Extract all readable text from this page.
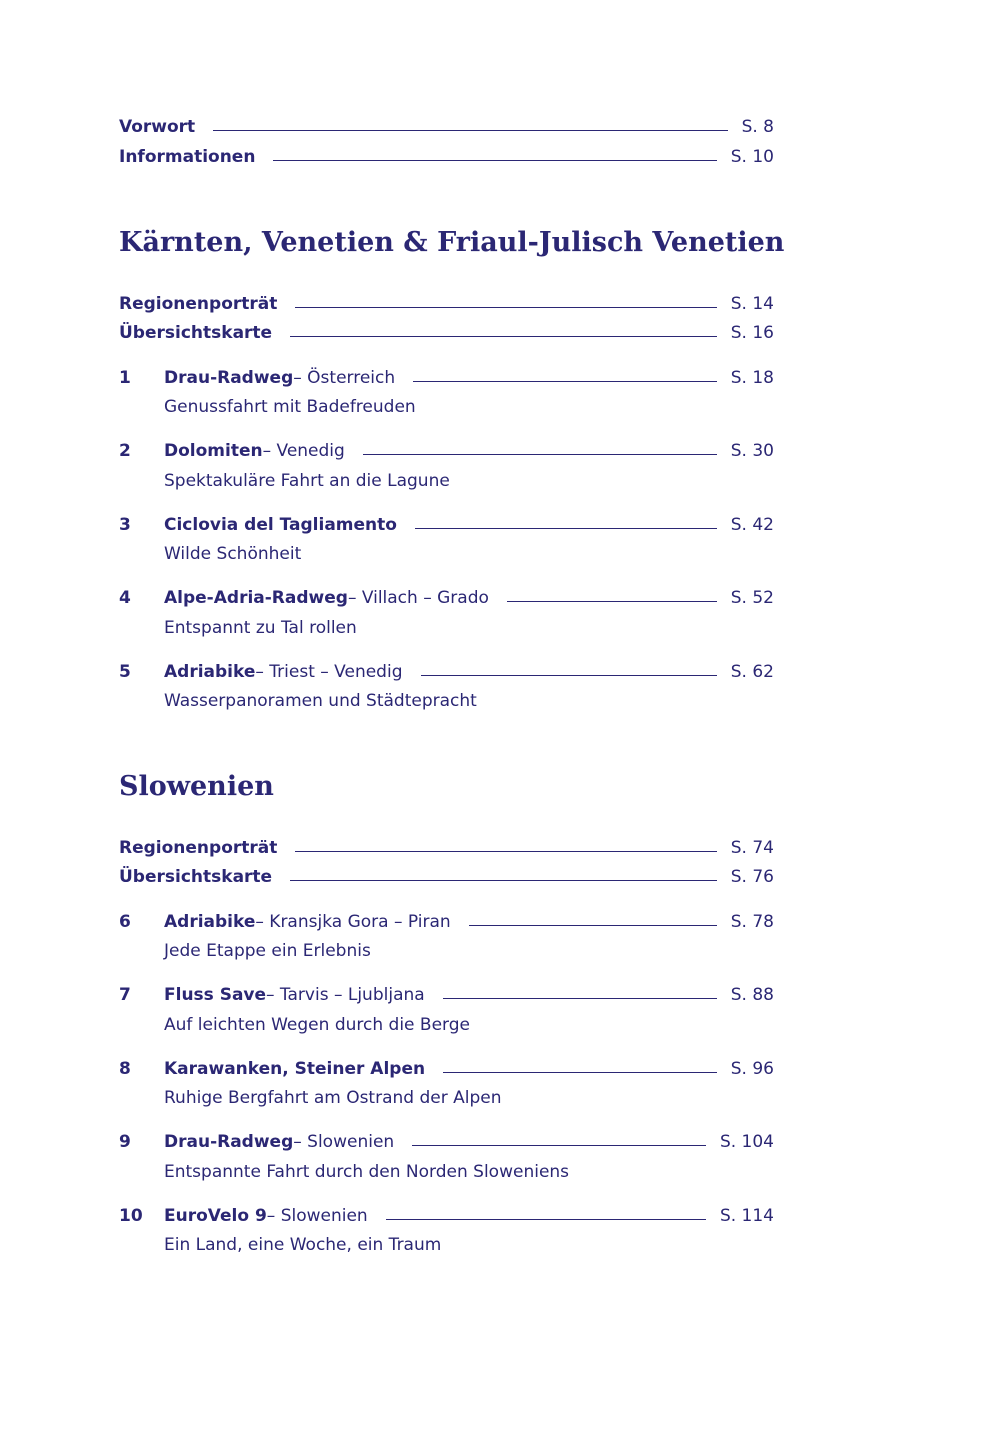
Vorwort	S. 8
Informationen	S. 10
Kärnten, Venetien & Friaul-Julisch Venetien
Regionenporträt	S. 14
Übersichtskarte	S. 16
1 Drau-Radweg – Österreich	S. 18
Genussfahrt mit Badefreuden
2 Dolomiten – Venedig	S. 30
Spektakuläre Fahrt an die Lagune
3 Ciclovia del Tagliamento	S. 42
Wilde Schönheit
4 Alpe-Adria-Radweg – Villach – Grado	S. 52
Entspannt zu Tal rollen
5 Adriabike – Triest – Venedig	S. 62
Wasserpanoramen und Städtepracht
Slowenien
Regionenporträt	S. 74
Übersichtskarte	S. 76
6 Adriabike – Kransjka Gora – Piran	S. 78
Jede Etappe ein Erlebnis
7 Fluss Save – Tarvis – Ljubljana	S. 88
Auf leichten Wegen durch die Berge
8 Karawanken, Steiner Alpen	S. 96
Ruhige Bergfahrt am Ostrand der Alpen
9 Drau-Radweg – Slowenien	S. 104
Entspannte Fahrt durch den Norden Sloweniens
10 EuroVelo 9 – Slowenien	S. 114
Ein Land, eine Woche, ein Traum
